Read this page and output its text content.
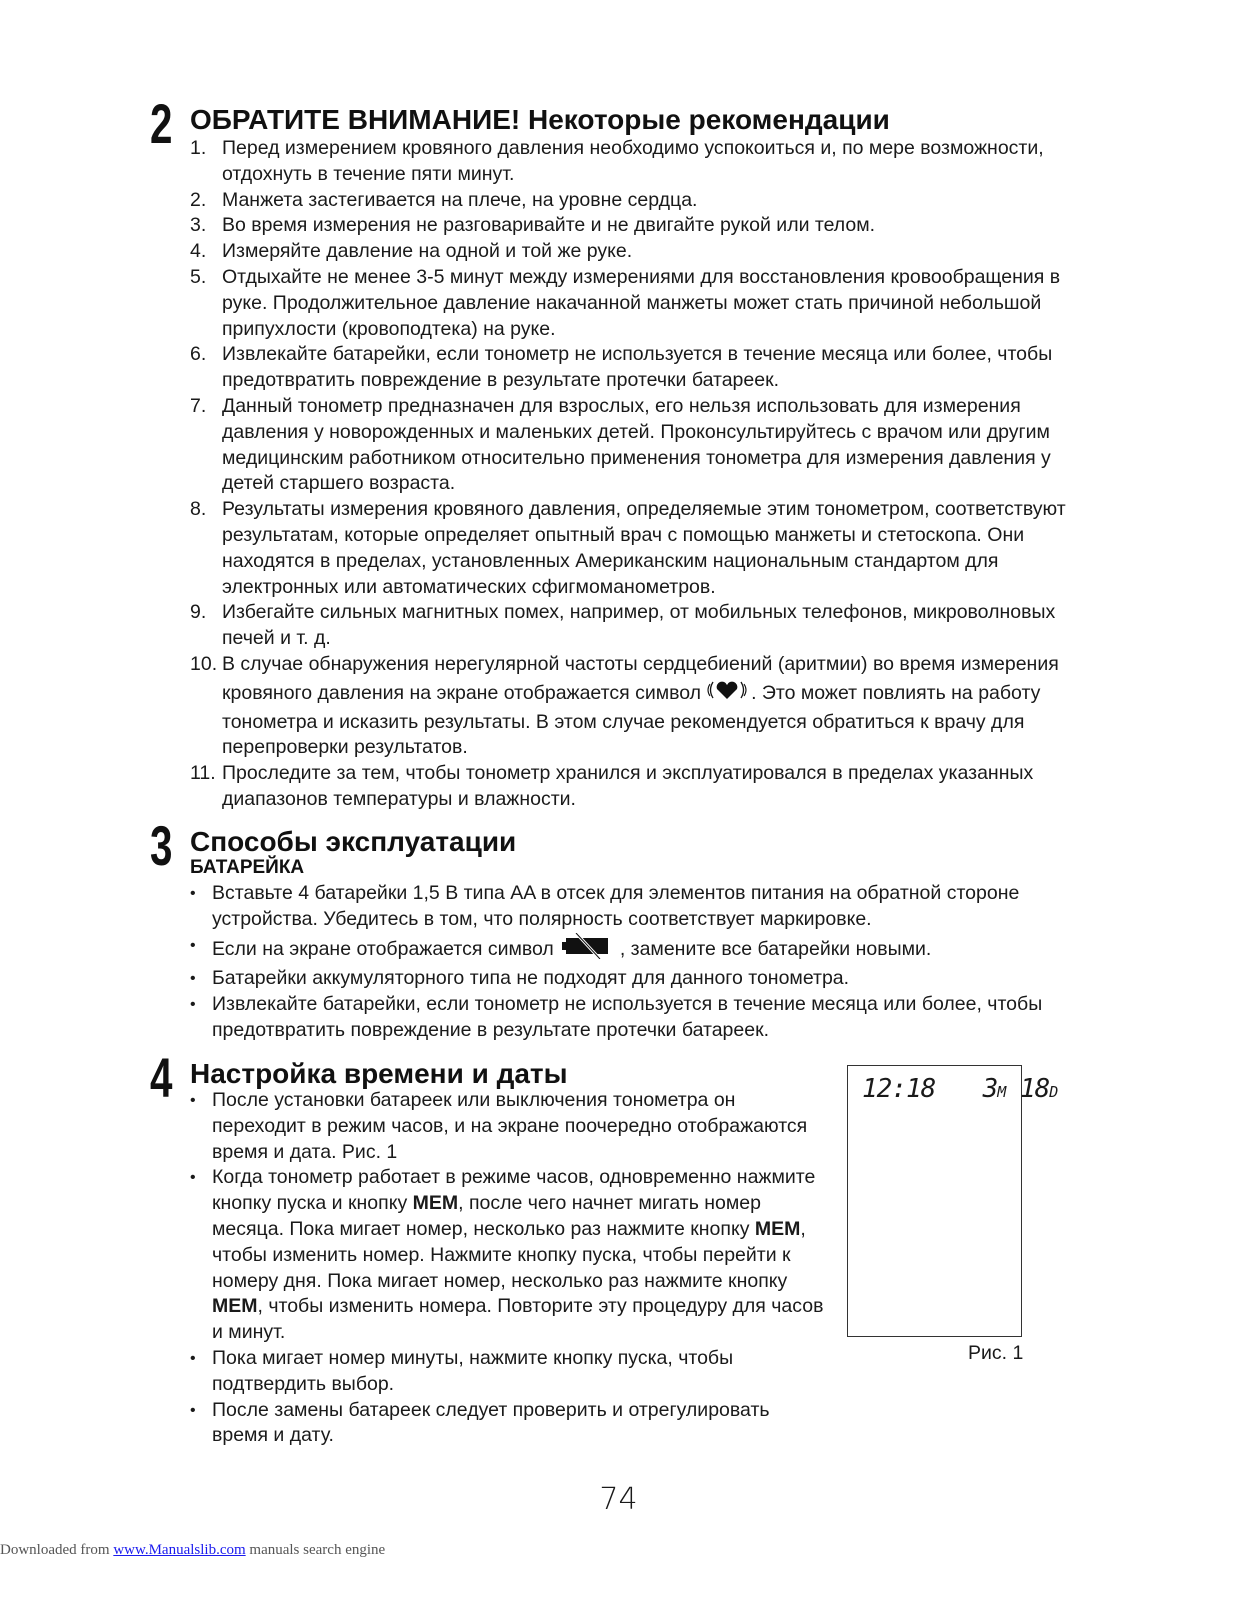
2 ОБРАТИТЕ ВНИМАНИЕ! Некоторые рекомендации
1. Перед измерением кровяного давления необходимо успокоиться и, по мере возможности, отдохнуть в течение пяти минут.
2. Манжета застегивается на плече, на уровне сердца.
3. Во время измерения не разговаривайте и не двигайте рукой или телом.
4. Измеряйте давление на одной и той же руке.
5. Отдыхайте не менее 3-5 минут между измерениями для восстановления кровообращения в руке. Продолжительное давление накачанной манжеты может стать причиной небольшой припухлости (кровоподтека) на руке.
6. Извлекайте батарейки, если тонометр не используется в течение месяца или более, чтобы предотвратить повреждение в результате протечки батареек.
7. Данный тонометр предназначен для взрослых, его нельзя использовать для измерения давления у новорожденных и маленьких детей. Проконсультируйтесь с врачом или другим медицинским работником относительно применения тонометра для измерения давления у детей старшего возраста.
8. Результаты измерения кровяного давления, определяемые этим тонометром, соответствуют результатам, которые определяет опытный врач с помощью манжеты и стетоскопа. Они находятся в пределах, установленных Американским национальным стандартом для электронных или автоматических сфигмоманометров.
9. Избегайте сильных магнитных помех, например, от мобильных телефонов, микроволновых печей и т. д.
10. В случае обнаружения нерегулярной частоты сердцебиений (аритмии) во время измерения кровяного давления на экране отображается символ	. Это может повлиять на работу тонометра и исказить результаты. В этом случае рекомендуется обратиться к врачу для перепроверки результатов.
11. Проследите за тем, чтобы тонометр хранился и эксплуатировался в пределах указанных диапазонов температуры и влажности.
3 Способы эксплуатации
БАТАРЕЙКА
• Вставьте 4 батарейки 1,5 В типа AA в отсек для элементов питания на обратной стороне устройства. Убедитесь в том, что полярность соответствует маркировке.
• Если на экране отображается символ	, замените все батарейки новыми.
• Батарейки аккумуляторного типа не подходят для данного тонометра.
• Извлекайте батарейки, если тонометр не используется в течение месяца или более, чтобы предотвратить повреждение в результате протечки батареек.
4 Настройка времени и даты
• После установки батареек или выключения тонометра он переходит в режим часов, и на экране поочередно отображаются время и дата. Рис. 1
• Когда тонометр работает в режиме часов, одновременно нажмите кнопку пуска и кнопку MEM, после чего начнет мигать номер месяца. Пока мигает номер, несколько раз нажмите кнопку MEM, чтобы изменить номер. Нажмите кнопку пуска, чтобы перейти к номеру дня. Пока мигает номер, несколько раз нажмите кнопку MEM, чтобы изменить номера. Повторите эту процедуру для часов и минут.
• Пока мигает номер минуты, нажмите кнопку пуска, чтобы подтвердить выбор.
• После замены батареек следует проверить и отрегулировать время и дату.
12:18 3M 18D
Рис. 1
74
Downloaded from www.Manualslib.com manuals search engine
